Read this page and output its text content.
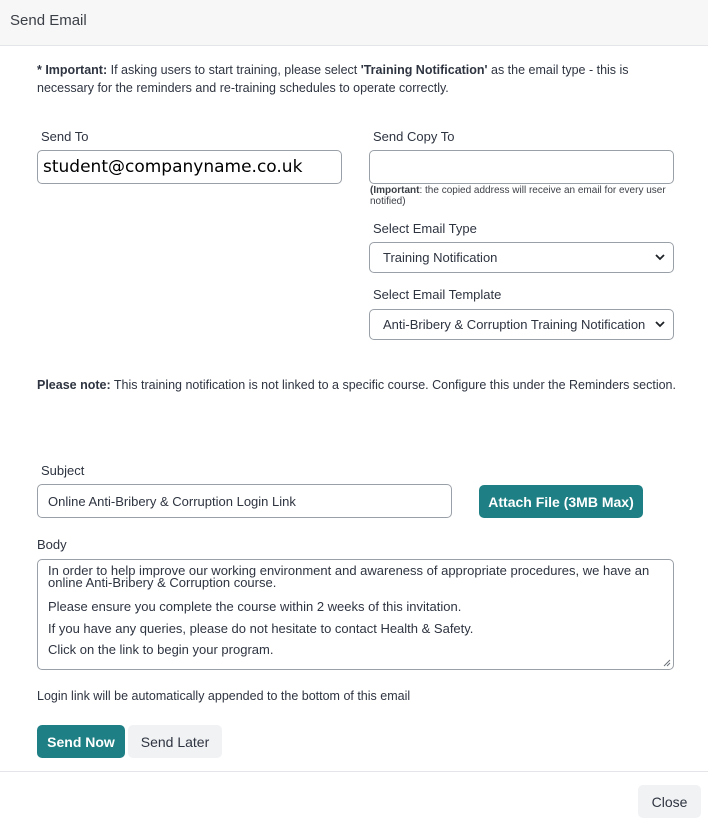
Send Email
* Important: If asking users to start training, please select 'Training Notification' as the email type - this is necessary for the reminders and re-training schedules to operate correctly.
Send To
student@companyname.co.uk	Send Copy To
(Important: the copied address will receive an email for every user notified)
Select Email Type
Training Notification
Select Email Template
Anti-Bribery & Corruption Training Notification
Please note: This training notification is not linked to a specific course. Configure this under the Reminders section.
Subject
Online Anti-Bribery & Corruption Login Link
Attach File (3MB Max)
Body
In order to help improve our working environment and awareness of appropriate procedures, we have an online Anti-Bribery & Corruption course.
Please ensure you complete the course within 2 weeks of this invitation.
If you have any queries, please do not hesitate to contact Health & Safety.
Click on the link to begin your program.
Login link will be automatically appended to the bottom of this email
Send Now	Send Later
Close
